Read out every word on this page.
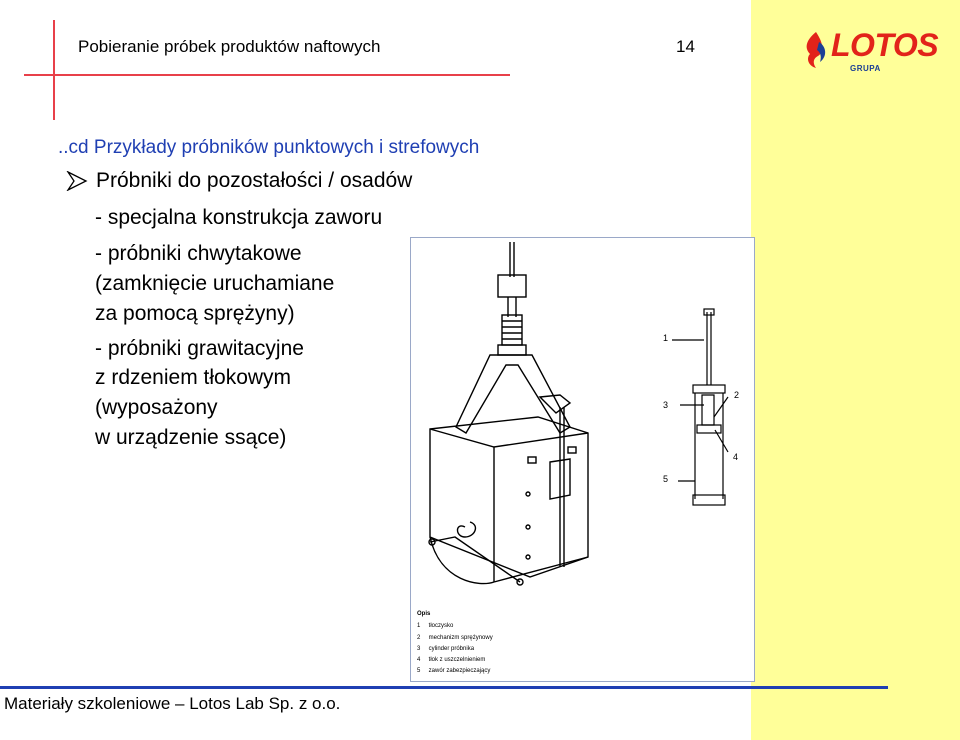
LOTOS
GRUPA
Pobieranie próbek produktów naftowych	14
..cd Przykłady próbników punktowych i strefowych
Próbniki do pozostałości / osadów
- specjalna konstrukcja zaworu
- próbniki chwytakowe
(zamknięcie uruchamiane
za pomocą sprężyny)
- próbniki grawitacyjne
z rdzeniem tłokowym
(wyposażony
w urządzenie ssące)
1
2
3
4
5
Opis
1 tłoczysko
2 mechanizm sprężynowy
3 cylinder próbnika
4 tłok z uszczelnieniem
5 zawór zabezpieczający
Materiały szkoleniowe – Lotos Lab Sp. z o.o.
